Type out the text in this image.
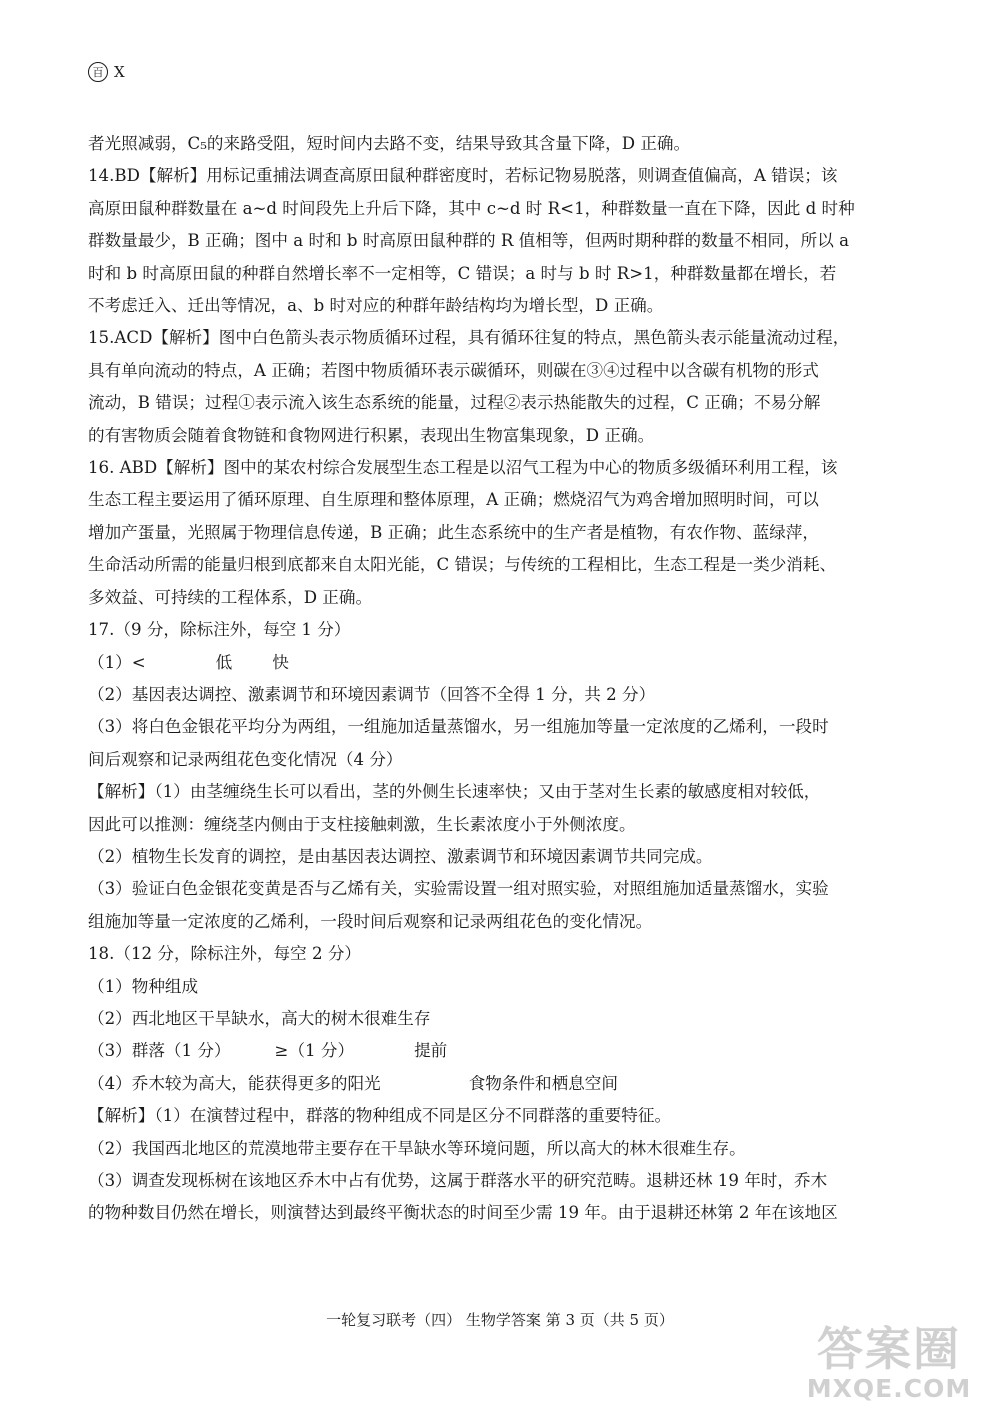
百 X

者光照减弱，C₅的来路受阻，短时间内去路不变，结果导致其含量下降，D 正确。

14.BD【解析】用标记重捕法调查高原田鼠种群密度时，若标记物易脱落，则调查值偏高，A 错误；该

高原田鼠种群数量在 a~d 时间段先上升后下降，其中 c~d 时 R<1，种群数量一直在下降，因此 d 时种

群数量最少，B 正确；图中 a 时和 b 时高原田鼠种群的 R 值相等，但两时期种群的数量不相同，所以 a

时和 b 时高原田鼠的种群自然增长率不一定相等，C 错误；a 时与 b 时 R>1，种群数量都在增长，若

不考虑迁入、迁出等情况，a、b 时对应的种群年龄结构均为增长型，D 正确。

15.ACD【解析】图中白色箭头表示物质循环过程，具有循环往复的特点，黑色箭头表示能量流动过程，

具有单向流动的特点，A 正确；若图中物质循环表示碳循环，则碳在③④过程中以含碳有机物的形式

流动，B 错误；过程①表示流入该生态系统的能量，过程②表示热能散失的过程，C 正确；不易分解

的有害物质会随着食物链和食物网进行积累，表现出生物富集现象，D 正确。

16. ABD【解析】图中的某农村综合发展型生态工程是以沼气工程为中心的物质多级循环利用工程，该

生态工程主要运用了循环原理、自生原理和整体原理，A 正确；燃烧沼气为鸡舍增加照明时间，可以

增加产蛋量，光照属于物理信息传递，B 正确；此生态系统中的生产者是植物，有农作物、蓝绿萍，

生命活动所需的能量归根到底都来自太阳光能，C 错误；与传统的工程相比，生态工程是一类少消耗、

多效益、可持续的工程体系，D 正确。

17.（9 分，除标注外，每空 1 分）

（1）<	低 快

（2）基因表达调控、激素调节和环境因素调节（回答不全得 1 分，共 2 分）

（3）将白色金银花平均分为两组，一组施加适量蒸馏水，另一组施加等量一定浓度的乙烯利，一段时

间后观察和记录两组花色变化情况（4 分）

【解析】（1）由茎缠绕生长可以看出，茎的外侧生长速率快；又由于茎对生长素的敏感度相对较低，

因此可以推测：缠绕茎内侧由于支柱接触刺激，生长素浓度小于外侧浓度。

（2）植物生长发育的调控，是由基因表达调控、激素调节和环境因素调节共同完成。

（3）验证白色金银花变黄是否与乙烯有关，实验需设置一组对照实验，对照组施加适量蒸馏水，实验

组施加等量一定浓度的乙烯利，一段时间后观察和记录两组花色的变化情况。

18.（12 分，除标注外，每空 2 分）

（1）物种组成

（2）西北地区干旱缺水，高大的树木很难生存

（3）群落（1 分）	≥（1 分）	提前

（4）乔木较为高大，能获得更多的阳光	食物条件和栖息空间

【解析】（1）在演替过程中，群落的物种组成不同是区分不同群落的重要特征。

（2）我国西北地区的荒漠地带主要存在干旱缺水等环境问题，所以高大的林木很难生存。

（3）调查发现栎树在该地区乔木中占有优势，这属于群落水平的研究范畴。退耕还林 19 年时，乔木

的物种数目仍然在增长，则演替达到最终平衡状态的时间至少需 19 年。由于退耕还林第 2 年在该地区

一轮复习联考（四） 生物学答案 第 3 页（共 5 页）
答案圈
MXQE.COM
